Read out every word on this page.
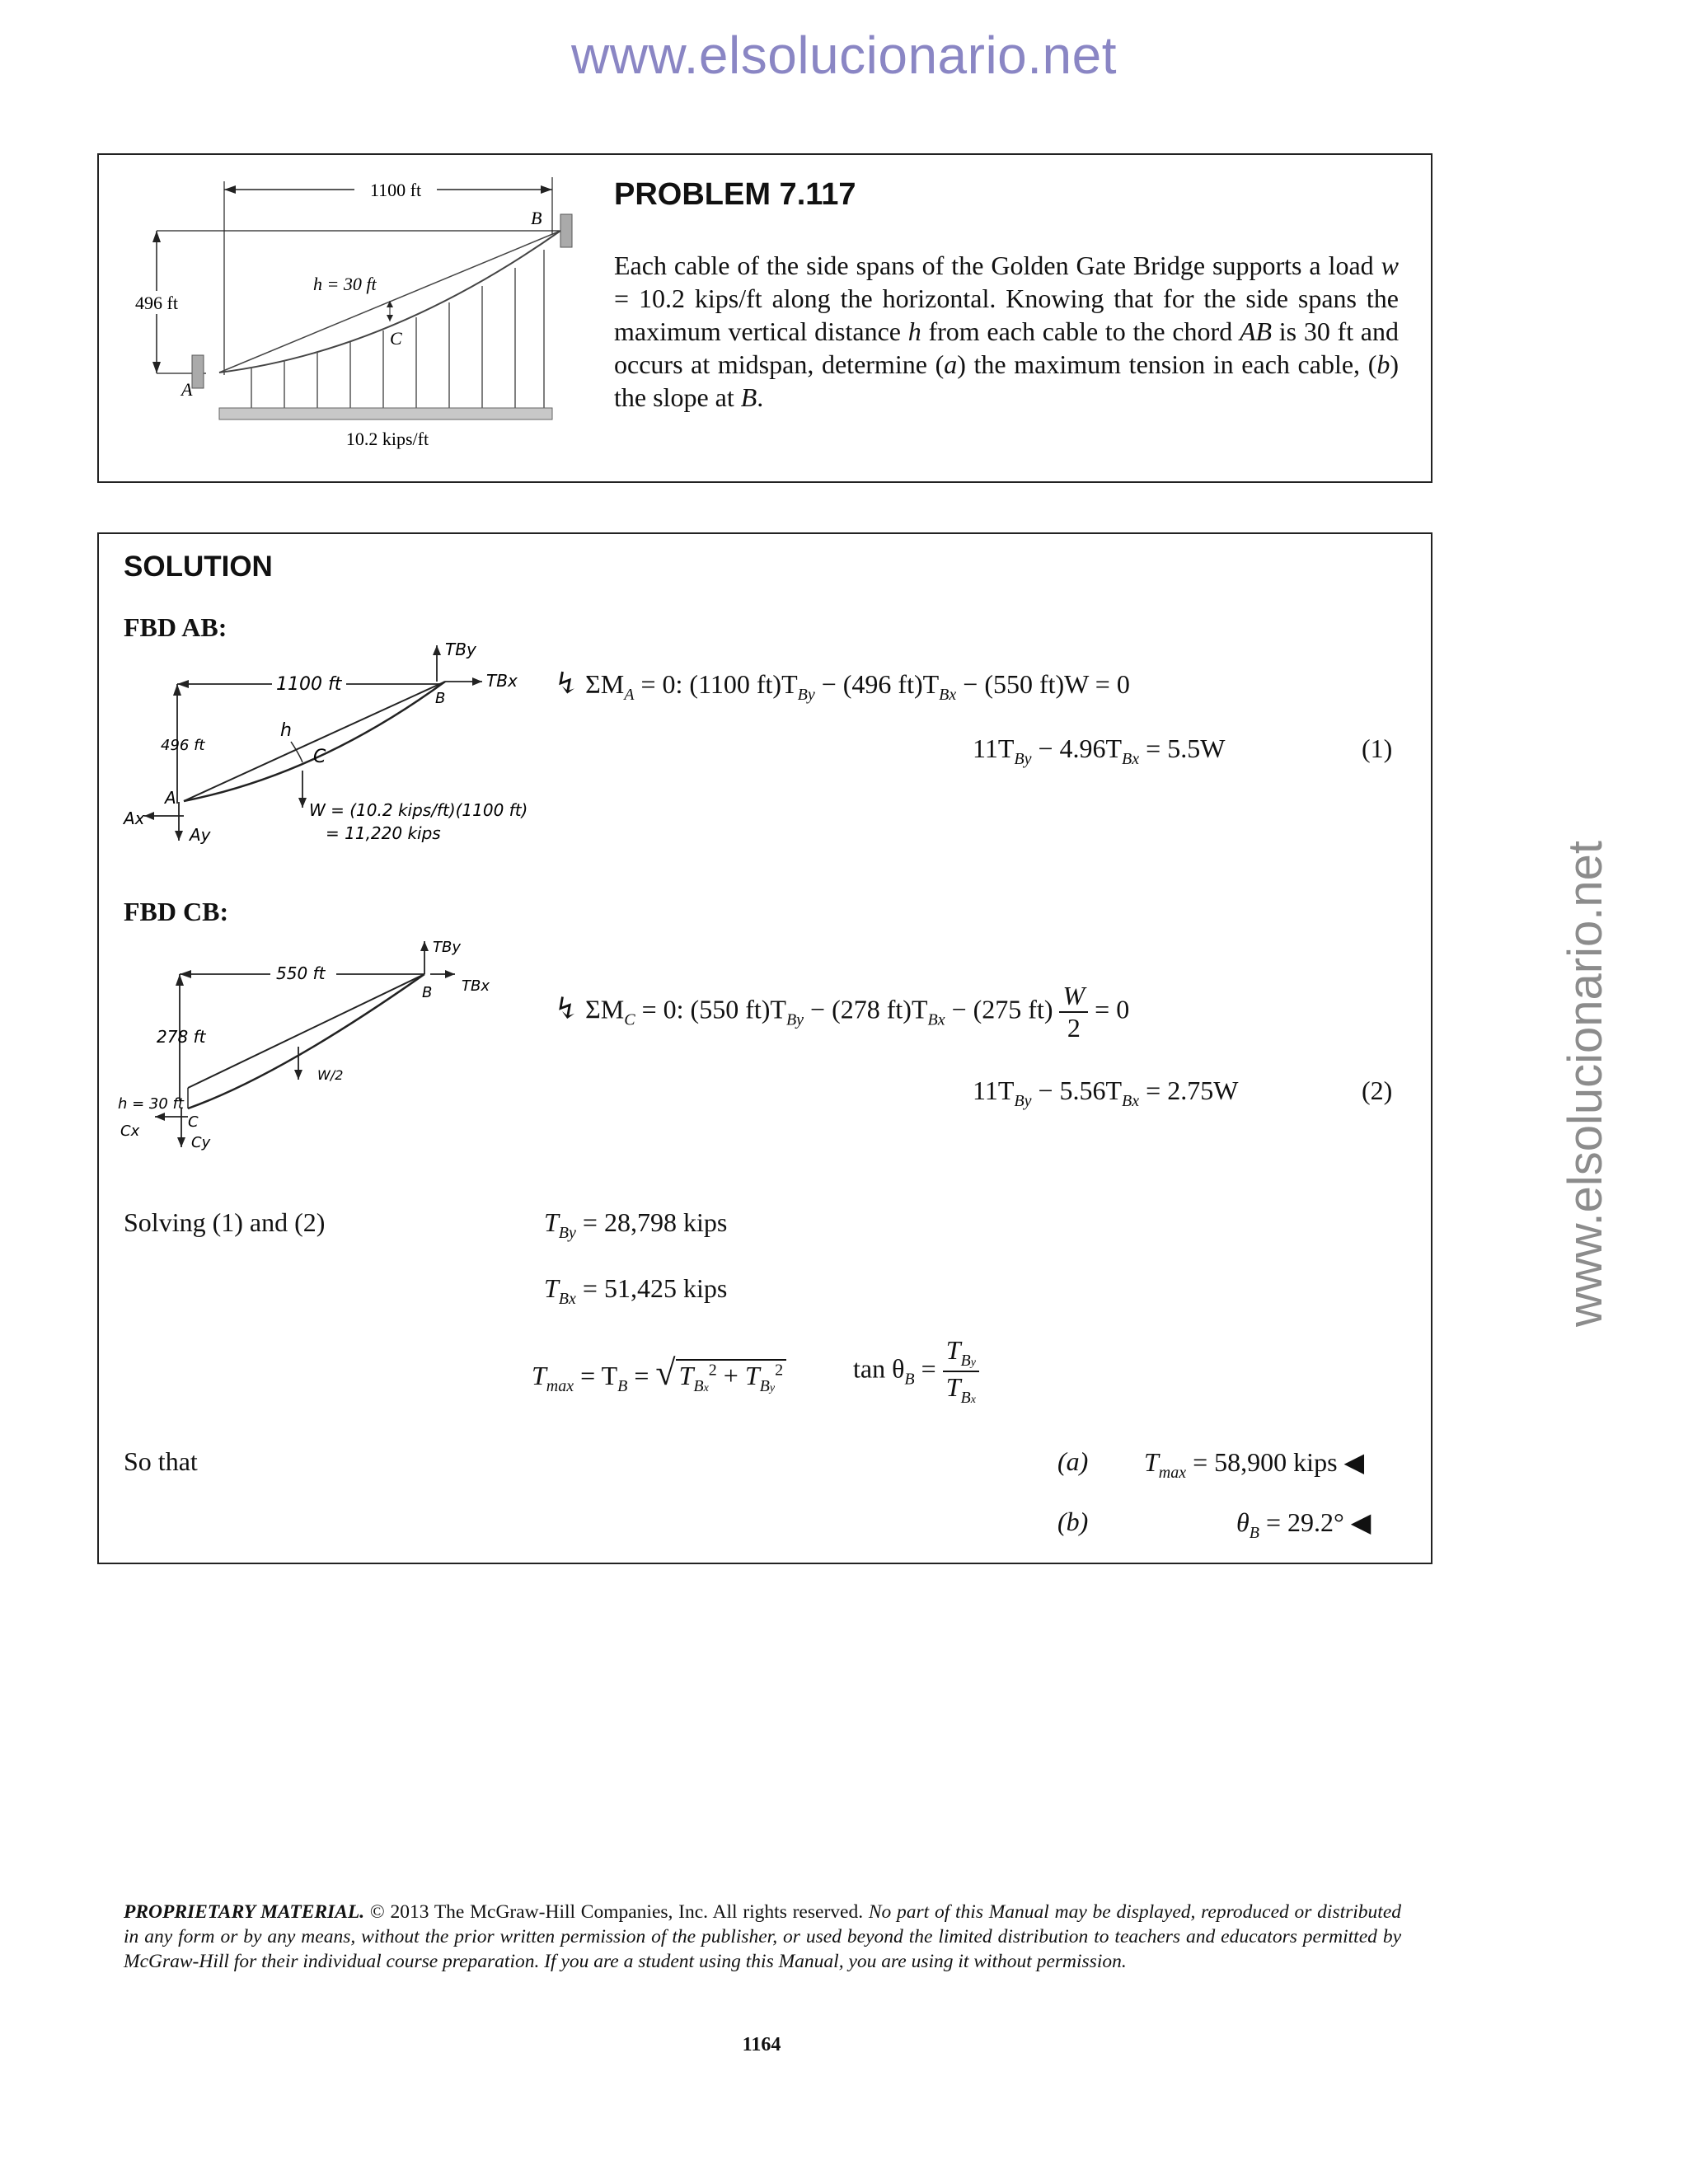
www.elsolucionario.net
www.elsolucionario.net
1100 ft
496 ft
A
B
10.2 kips/ft
h = 30 ft
C
PROBLEM 7.117
Each cable of the side spans of the Golden Gate Bridge supports a load w = 10.2 kips/ft along the horizontal. Knowing that for the side spans the maximum vertical distance h from each cable to the chord AB is 30 ft and occurs at midspan, determine (a) the maximum tension in each cable, (b) the slope at B.
SOLUTION
FBD AB:
1100 ft
496 ft
h
C
A
B
Ax
Ay
TBy
TBx
W = (10.2 kips/ft)(1100 ft)
= 11,220 kips
↯ $\Sigma M_A = 0$: (1100 $ft)T_{By} - (496$ $ft)T_{Bx} - (550$ ft)W = 0
$11T_{By} - 4.96T_{Bx} = 5.5W$	(1)
FBD CB:
550 ft
278 ft
h = 30 ft
C
Cx
Cy
W/2
B
TBy
TBx
↯ $\Sigma M_C = 0$: (550 $ft)T_{By} - (278$ $ft)T_{Bx} - (275$ $ft) \frac{W}{2} = 0$
$11T_{By} - 5.56T_{Bx} = 2.75W$	(2)
Solving (1) and (2)	$T_{By} = 28,798$ kips
$T_{Bx} = 51,425$ kips
$T_{max} = T_B$ = √ $T_{Bx}^2 + T_{By}^2$	$\tan \theta_B = \frac{T_{By}}{T_{Bx}}$
So that	(a) $T_{max} = 58,900$ kips ◀
(b)	$\theta_B = 29.2^\circ$ ◀
PROPRIETARY MATERIAL. © 2013 The McGraw-Hill Companies, Inc. All rights reserved. No part of this Manual may be displayed, reproduced or distributed in any form or by any means, without the prior written permission of the publisher, or used beyond the limited distribution to teachers and educators permitted by McGraw-Hill for their individual course preparation. If you are a student using this Manual, you are using it without permission.
1164
